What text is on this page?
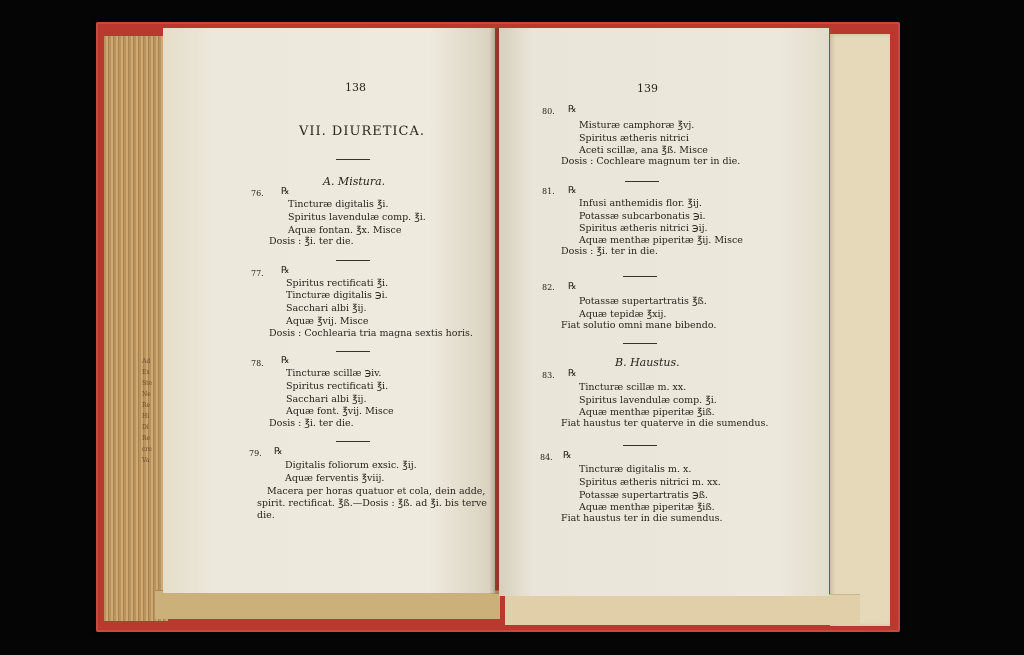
Ad
Ex
Ste
Ne
Re
Hi
Di
Re
cre
Va
138
VII. DIURETICA.
A. Mistura.
76. ℞
Tincturæ digitalis ℥i.
Spiritus lavendulæ comp. ℥i.
Aquæ fontan. ℥x. Misce
Dosis : ℥i. ter die.
77. ℞
Spiritus rectificati ℥i.
Tincturæ digitalis ℈i.
Sacchari albi ℥ij.
Aquæ ℥vij. Misce
Dosis : Cochlearia tria magna sextis horis.
78. ℞
Tincturæ scillæ ℈iv.
Spiritus rectificati ℥i.
Sacchari albi ℥ij.
Aquæ font. ℥vij. Misce
Dosis : ℥i. ter die.
79. ℞
Digitalis foliorum exsic. ℥ij.
Aquæ ferventis ℥viij.
Macera per horas quatuor et cola, dein adde,
spirit. rectificat. ℥ß.—Dosis : ℥ß. ad ℥i. bis terve
die.
139
80. ℞
Misturæ camphoræ ℥vj.
Spiritus ætheris nitrici
Aceti scillæ, ana ℥ß. Misce
Dosis : Cochleare magnum ter in die.
81. ℞
Infusi anthemidis flor. ℥ij.
Potassæ subcarbonatis ℈i.
Spiritus ætheris nitrici ℈ij.
Aquæ menthæ piperitæ ℥ij. Misce
Dosis : ℥i. ter in die.
82. ℞
Potassæ supertartratis ℥ß.
Aquæ tepidæ ℥xij.
Fiat solutio omni mane bibendo.
B. Haustus.
83. ℞
Tincturæ scillæ m. xx.
Spiritus lavendulæ comp. ℥i.
Aquæ menthæ piperitæ ℥iß.
Fiat haustus ter quaterve in die sumendus.
84. ℞
Tincturæ digitalis m. x.
Spiritus ætheris nitrici m. xx.
Potassæ supertartratis ℈ß.
Aquæ menthæ piperitæ ℥iß.
Fiat haustus ter in die sumendus.
